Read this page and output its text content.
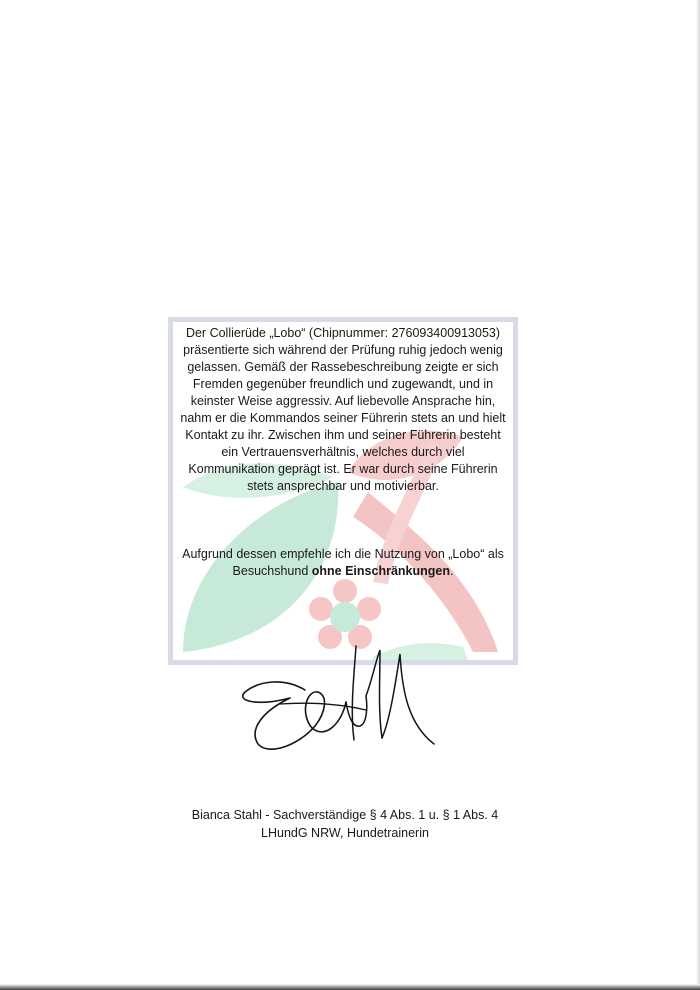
Der Collierüde „Lobo“ (Chipnummer: 276093400913053) präsentierte sich während der Prüfung ruhig jedoch wenig gelassen. Gemäß der Rassebeschreibung zeigte er sich Fremden gegenüber freundlich und zugewandt, und in keinster Weise aggressiv. Auf liebevolle Ansprache hin, nahm er die Kommandos seiner Führerin stets an und hielt Kontakt zu ihr. Zwischen ihm und seiner Führerin besteht ein Vertrauensverhältnis, welches durch viel Kommunikation geprägt ist. Er war durch seine Führerin stets ansprechbar und motivierbar.

Aufgrund dessen empfehle ich die Nutzung von „Lobo“ als Besuchshund ohne Einschränkungen.

Bianca Stahl - Sachverständige § 4 Abs. 1 u. § 1 Abs. 4
LHundG NRW, Hundetrainerin
